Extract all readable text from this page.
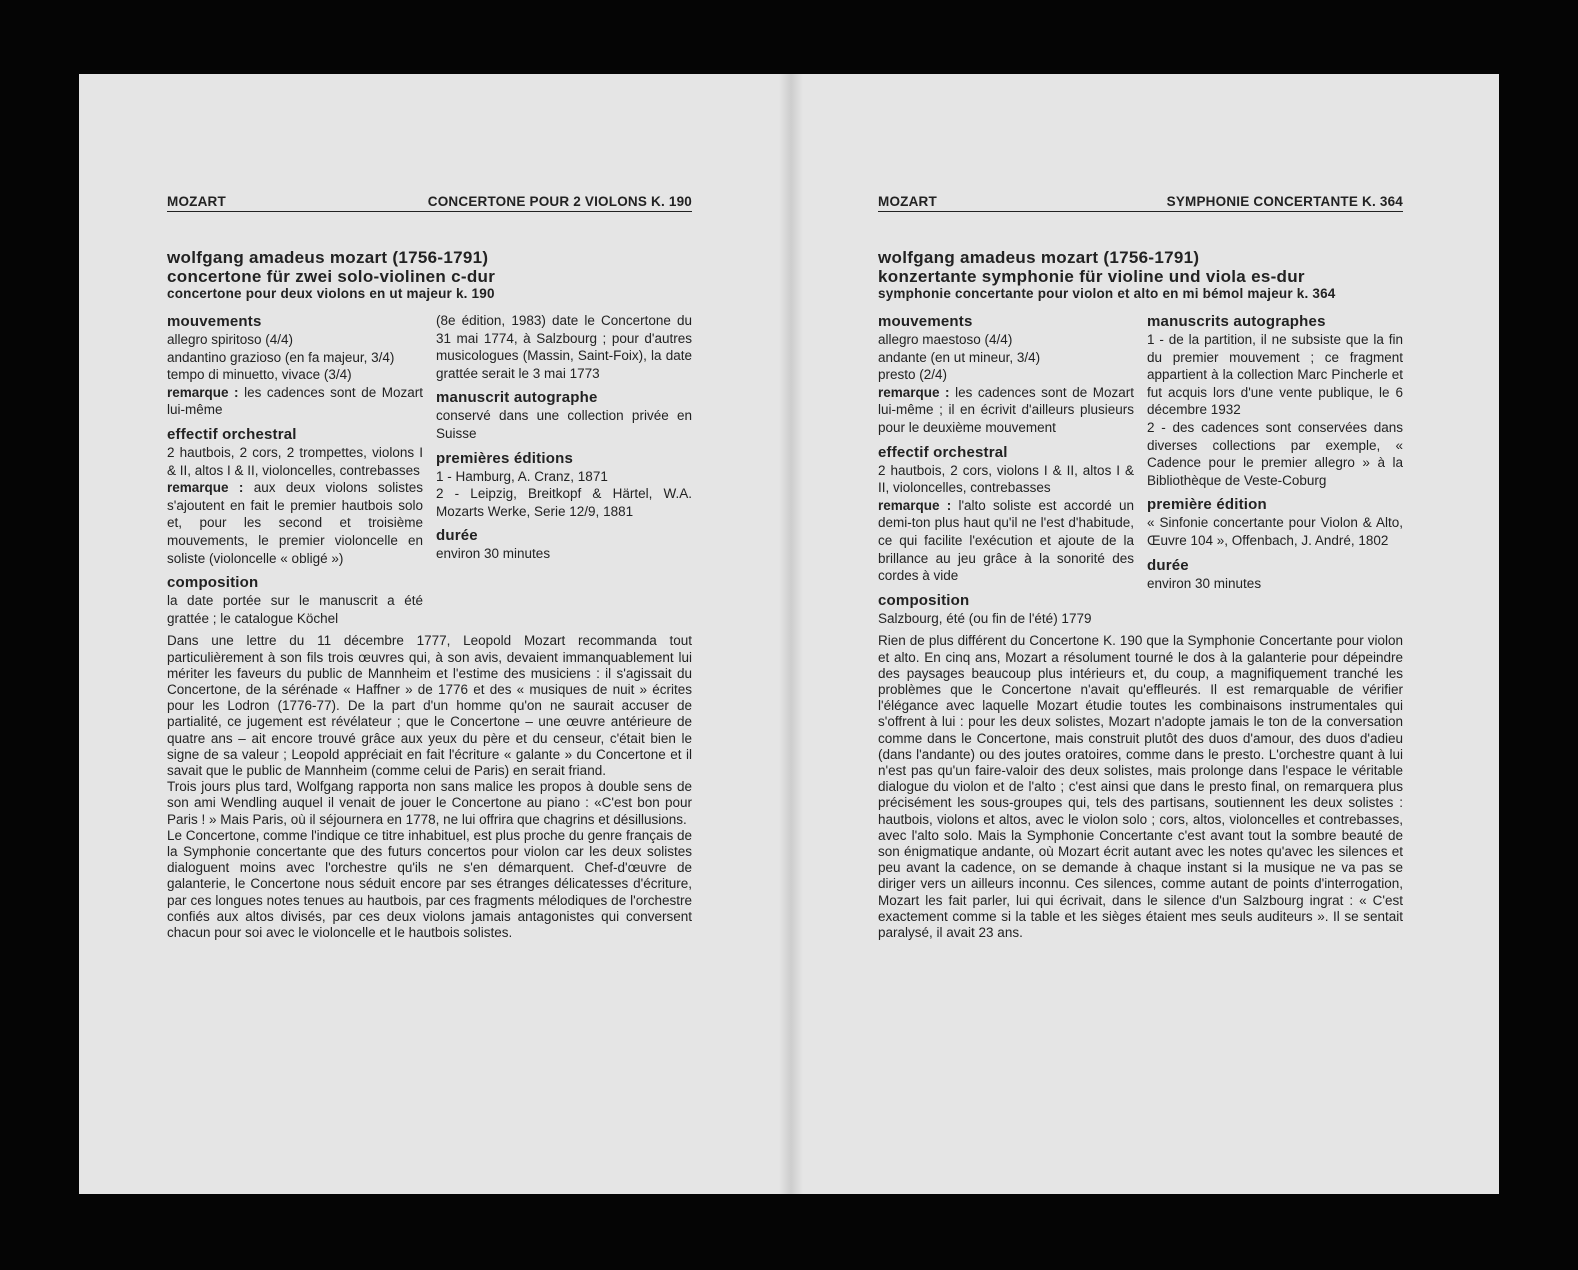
MOZART	CONCERTONE POUR 2 VIOLONS K. 190
wolfgang amadeus mozart (1756-1791)
concertone für zwei solo-violinen c-dur
concertone pour deux violons en ut majeur k. 190
mouvements
allegro spiritoso (4/4)
andantino grazioso (en fa majeur, 3/4)
tempo di minuetto, vivace (3/4)

remarque : les cadences sont de Mozart lui-même

effectif orchestral

2 hautbois, 2 cors, 2 trompettes, violons I & II, altos I & II, violoncelles, contrebasses

remarque : aux deux violons solistes s'ajoutent en fait le premier hautbois solo et, pour les second et troisième mouvements, le premier violoncelle en soliste (violoncelle « obligé »)

composition

la date portée sur le manuscrit a été grattée ; le catalogue Köchel

(8e édition, 1983) date le Concertone du 31 mai 1774, à Salzbourg ; pour d'autres musicologues (Massin, Saint-Foix), la date grattée serait le 3 mai 1773

manuscrit autographe

conservé dans une collection privée en Suisse

premières éditions

1 - Hamburg, A. Cranz, 1871

2 - Leipzig, Breitkopf & Härtel, W.A. Mozarts Werke, Serie 12/9, 1881

durée

environ 30 minutes

Dans une lettre du 11 décembre 1777, Leopold Mozart recommanda tout particulièrement à son fils trois œuvres qui, à son avis, devaient immanquablement lui mériter les faveurs du public de Mannheim et l'estime des musiciens : il s'agissait du Concertone, de la sérénade « Haffner » de 1776 et des « musiques de nuit » écrites pour les Lodron (1776-77). De la part d'un homme qu'on ne saurait accuser de partialité, ce jugement est révélateur ; que le Concertone – une œuvre antérieure de quatre ans – ait encore trouvé grâce aux yeux du père et du censeur, c'était bien le signe de sa valeur ; Leopold appréciait en fait l'écriture « galante » du Concertone et il savait que le public de Mannheim (comme celui de Paris) en serait friand.

Trois jours plus tard, Wolfgang rapporta non sans malice les propos à double sens de son ami Wendling auquel il venait de jouer le Concertone au piano : «C'est bon pour Paris ! » Mais Paris, où il séjournera en 1778, ne lui offrira que chagrins et désillusions.

Le Concertone, comme l'indique ce titre inhabituel, est plus proche du genre français de la Symphonie concertante que des futurs concertos pour violon car les deux solistes dialoguent moins avec l'orchestre qu'ils ne s'en démarquent. Chef-d'œuvre de galanterie, le Concertone nous séduit encore par ses étranges délicatesses d'écriture, par ces longues notes tenues au hautbois, par ces fragments mélodiques de l'orchestre confiés aux altos divisés, par ces deux violons jamais antagonistes qui conversent chacun pour soi avec le violoncelle et le hautbois solistes.

MOZART	SYMPHONIE CONCERTANTE K. 364
wolfgang amadeus mozart (1756-1791)
konzertante symphonie für violine und viola es-dur
symphonie concertante pour violon et alto en mi bémol majeur k. 364
mouvements
allegro maestoso (4/4)
andante (en ut mineur, 3/4)
presto (2/4)

remarque : les cadences sont de Mozart lui-même ; il en écrivit d'ailleurs plusieurs pour le deuxième mouvement

effectif orchestral

2 hautbois, 2 cors, violons I & II, altos I & II, violoncelles, contrebasses

remarque : l'alto soliste est accordé un demi-ton plus haut qu'il ne l'est d'habitude, ce qui facilite l'exécution et ajoute de la brillance au jeu grâce à la sonorité des cordes à vide

composition

Salzbourg, été (ou fin de l'été) 1779

manuscrits autographes

1 - de la partition, il ne subsiste que la fin du premier mouvement ; ce fragment appartient à la collection Marc Pincherle et fut acquis lors d'une vente publique, le 6 décembre 1932

2 - des cadences sont conservées dans diverses collections par exemple, « Cadence pour le premier allegro » à la Bibliothèque de Veste-Coburg

première édition

« Sinfonie concertante pour Violon & Alto, Œuvre 104 », Offenbach, J. André, 1802

durée

environ 30 minutes

Rien de plus différent du Concertone K. 190 que la Symphonie Concertante pour violon et alto. En cinq ans, Mozart a résolument tourné le dos à la galanterie pour dépeindre des paysages beaucoup plus intérieurs et, du coup, a magnifiquement tranché les problèmes que le Concertone n'avait qu'effleurés. Il est remarquable de vérifier l'élégance avec laquelle Mozart étudie toutes les combinaisons instrumentales qui s'offrent à lui : pour les deux solistes, Mozart n'adopte jamais le ton de la conversation comme dans le Concertone, mais construit plutôt des duos d'amour, des duos d'adieu (dans l'andante) ou des joutes oratoires, comme dans le presto. L'orchestre quant à lui n'est pas qu'un faire-valoir des deux solistes, mais prolonge dans l'espace le véritable dialogue du violon et de l'alto ; c'est ainsi que dans le presto final, on remarquera plus précisément les sous-groupes qui, tels des partisans, soutiennent les deux solistes : hautbois, violons et altos, avec le violon solo ; cors, altos, violoncelles et contrebasses, avec l'alto solo. Mais la Symphonie Concertante c'est avant tout la sombre beauté de son énigmatique andante, où Mozart écrit autant avec les notes qu'avec les silences et peu avant la cadence, on se demande à chaque instant si la musique ne va pas se diriger vers un ailleurs inconnu. Ces silences, comme autant de points d'interrogation, Mozart les fait parler, lui qui écrivait, dans le silence d'un Salzbourg ingrat : « C'est exactement comme si la table et les sièges étaient mes seuls auditeurs ». Il se sentait paralysé, il avait 23 ans.
